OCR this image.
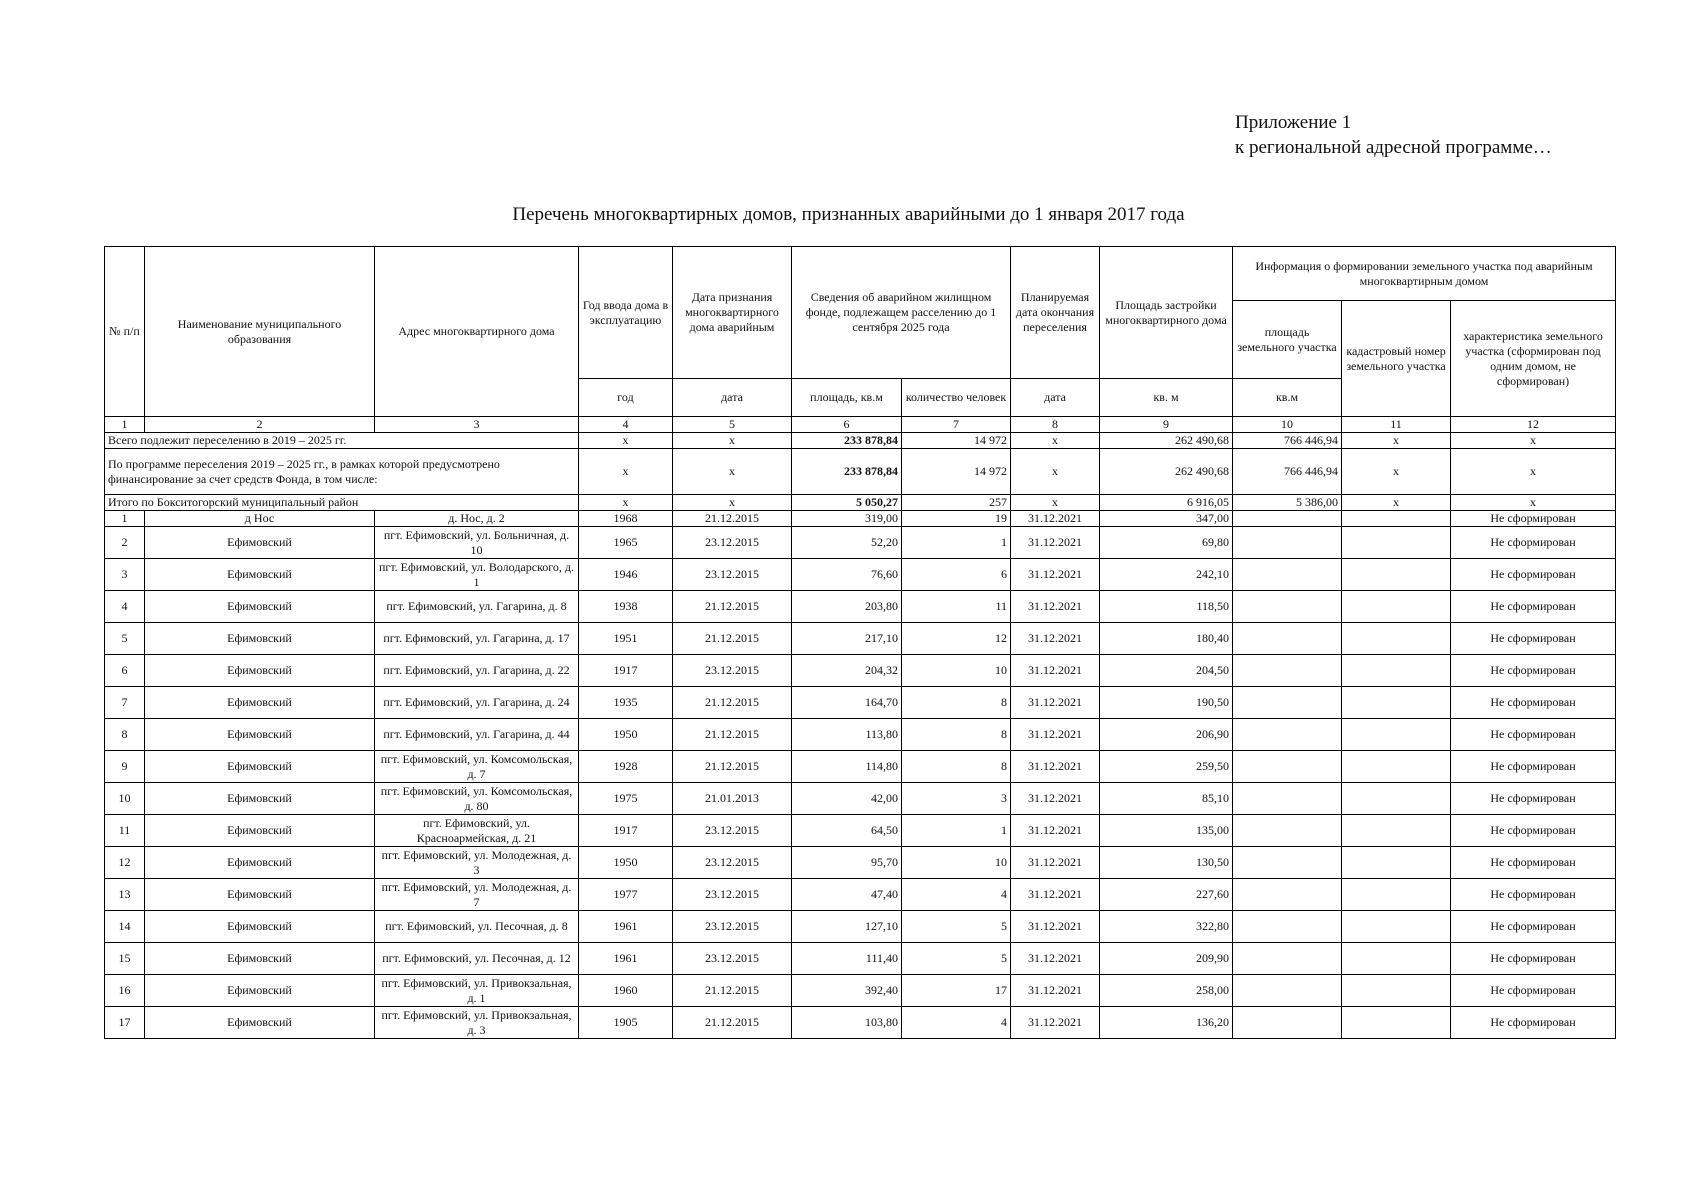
Приложение 1
к региональной адресной программе…
Перечень многоквартирных домов, признанных аварийными до 1 января 2017 года
№ п/п	Наименование муниципального образования	Адрес многоквартирного дома	Год ввода дома в эксплуатацию	Дата признания многоквартирного дома аварийным	Сведения об аварийном жилищном фонде, подлежащем расселению до 1 сентября 2025 года		Планируемая дата окончания переселения	Площадь застройки многоквартирного дома	Информация о формировании земельного участка под аварийным многоквартирным домом		
									площадь земельного участка	кадастровый номер земельного участка	характеристика земельного участка (сформирован под одним домом, не сформирован)
			год	дата	площадь, кв.м	количество человек	дата	кв. м	кв.м		
1	2	3	4	5	6	7	8	9	10	11	12
Всего подлежит переселению в 2019 – 2025 гг.			х	х	233 878,84	14 972	х	262 490,68	766 446,94	х	х
По программе переселения 2019 – 2025 гг., в рамках которой предусмотрено финансирование за счет средств Фонда, в том числе:			х	х	233 878,84	14 972	х	262 490,68	766 446,94	х	х
Итого по Бокситогорский муниципальный район			х	х	5 050,27	257	х	6 916,05	5 386,00	х	х
1	д Нос	д. Нос, д. 2	1968	21.12.2015	319,00	19	31.12.2021	347,00			Не сформирован
2	Ефимовский	пгт. Ефимовский, ул. Больничная, д. 10	1965	23.12.2015	52,20	1	31.12.2021	69,80			Не сформирован
3	Ефимовский	пгт. Ефимовский, ул. Володарского, д. 1	1946	23.12.2015	76,60	6	31.12.2021	242,10			Не сформирован
4	Ефимовский	пгт. Ефимовский, ул. Гагарина, д. 8	1938	21.12.2015	203,80	11	31.12.2021	118,50			Не сформирован
5	Ефимовский	пгт. Ефимовский, ул. Гагарина, д. 17	1951	21.12.2015	217,10	12	31.12.2021	180,40			Не сформирован
6	Ефимовский	пгт. Ефимовский, ул. Гагарина, д. 22	1917	23.12.2015	204,32	10	31.12.2021	204,50			Не сформирован
7	Ефимовский	пгт. Ефимовский, ул. Гагарина, д. 24	1935	21.12.2015	164,70	8	31.12.2021	190,50			Не сформирован
8	Ефимовский	пгт. Ефимовский, ул. Гагарина, д. 44	1950	21.12.2015	113,80	8	31.12.2021	206,90			Не сформирован
9	Ефимовский	пгт. Ефимовский, ул. Комсомольская, д. 7	1928	21.12.2015	114,80	8	31.12.2021	259,50			Не сформирован
10	Ефимовский	пгт. Ефимовский, ул. Комсомольская, д. 80	1975	21.01.2013	42,00	3	31.12.2021	85,10			Не сформирован
11	Ефимовский	пгт. Ефимовский, ул. Красноармейская, д. 21	1917	23.12.2015	64,50	1	31.12.2021	135,00			Не сформирован
12	Ефимовский	пгт. Ефимовский, ул. Молодежная, д. 3	1950	23.12.2015	95,70	10	31.12.2021	130,50			Не сформирован
13	Ефимовский	пгт. Ефимовский, ул. Молодежная, д. 7	1977	23.12.2015	47,40	4	31.12.2021	227,60			Не сформирован
14	Ефимовский	пгт. Ефимовский, ул. Песочная, д. 8	1961	23.12.2015	127,10	5	31.12.2021	322,80			Не сформирован
15	Ефимовский	пгт. Ефимовский, ул. Песочная, д. 12	1961	23.12.2015	111,40	5	31.12.2021	209,90			Не сформирован
16	Ефимовский	пгт. Ефимовский, ул. Привокзальная, д. 1	1960	21.12.2015	392,40	17	31.12.2021	258,00			Не сформирован
17	Ефимовский	пгт. Ефимовский, ул. Привокзальная, д. 3	1905	21.12.2015	103,80	4	31.12.2021	136,20			Не сформирован
